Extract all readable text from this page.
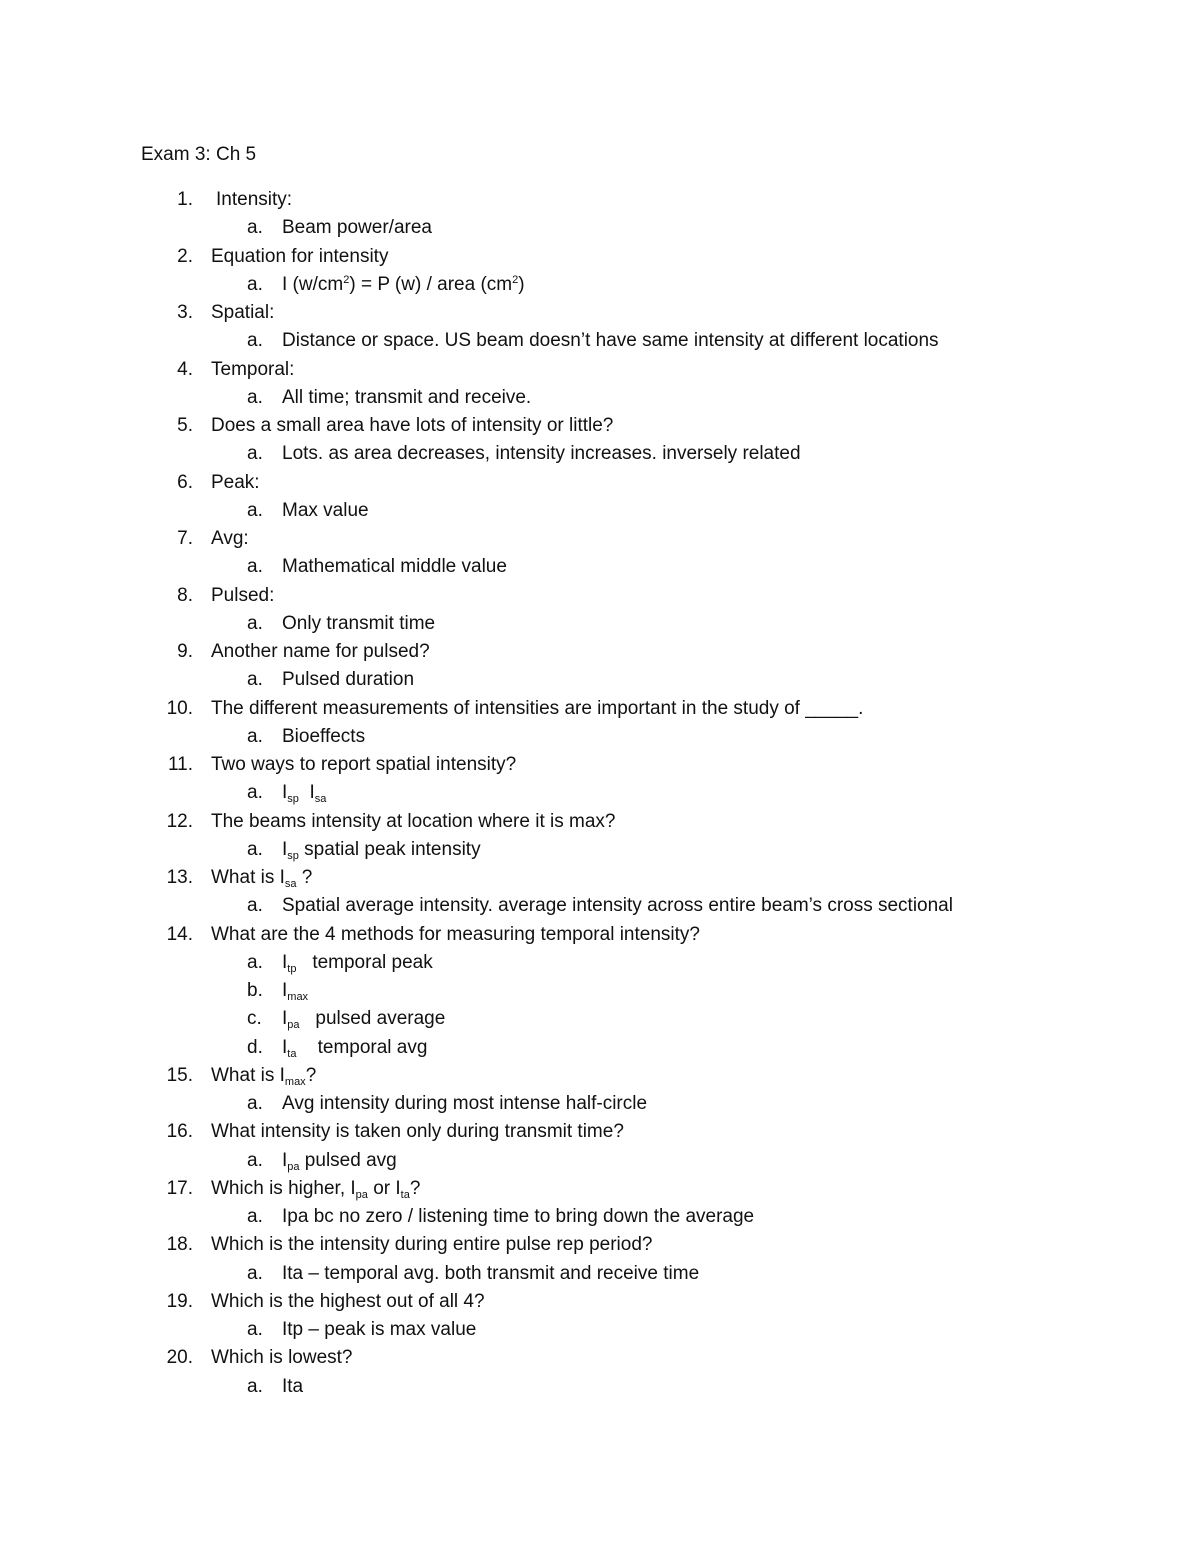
Exam 3: Ch 5
1. Intensity:
a. Beam power/area
2. Equation for intensity
a. I $(w/cm^2) = P$ (w) / area $(cm^2)$
3. Spatial:
a. Distance or space. US beam doesn’t have same intensity at different locations
4. Temporal:
a. All time; transmit and receive.
5. Does a small area have lots of intensity or little?
a. Lots. as area decreases, intensity increases. inversely related
6. Peak:
a. Max value
7. Avg:
a. Mathematical middle value
8. Pulsed:
a. Only transmit time
9. Another name for pulsed?
a. Pulsed duration
10. The different measurements of intensities are important in the study of _____.
a. Bioeffects
11. Two ways to report spatial intensity?
a. $I_{sp}$ $I_{sa}$
12. The beams intensity at location where it is max?
a. $I_{sp}$ spatial peak intensity
13. What is $I_{sa}$ ?
a. Spatial average intensity. average intensity across entire beam’s cross sectional
14. What are the 4 methods for measuring temporal intensity?
a. $I_{tp}$ temporal peak
b. $I_{max}$
c. $I_{pa}$ pulsed average
d. $I_{ta}$ temporal avg
15. What is $I_{max}$?
a. Avg intensity during most intense half-circle
16. What intensity is taken only during transmit time?
a. $I_{pa}$ pulsed avg
17. Which is higher, $I_{pa}$ or $I_{ta}$?
a. Ipa bc no zero / listening time to bring down the average
18. Which is the intensity during entire pulse rep period?
a. Ita – temporal avg. both transmit and receive time
19. Which is the highest out of all 4?
a. Itp – peak is max value
20. Which is lowest?
a. Ita
